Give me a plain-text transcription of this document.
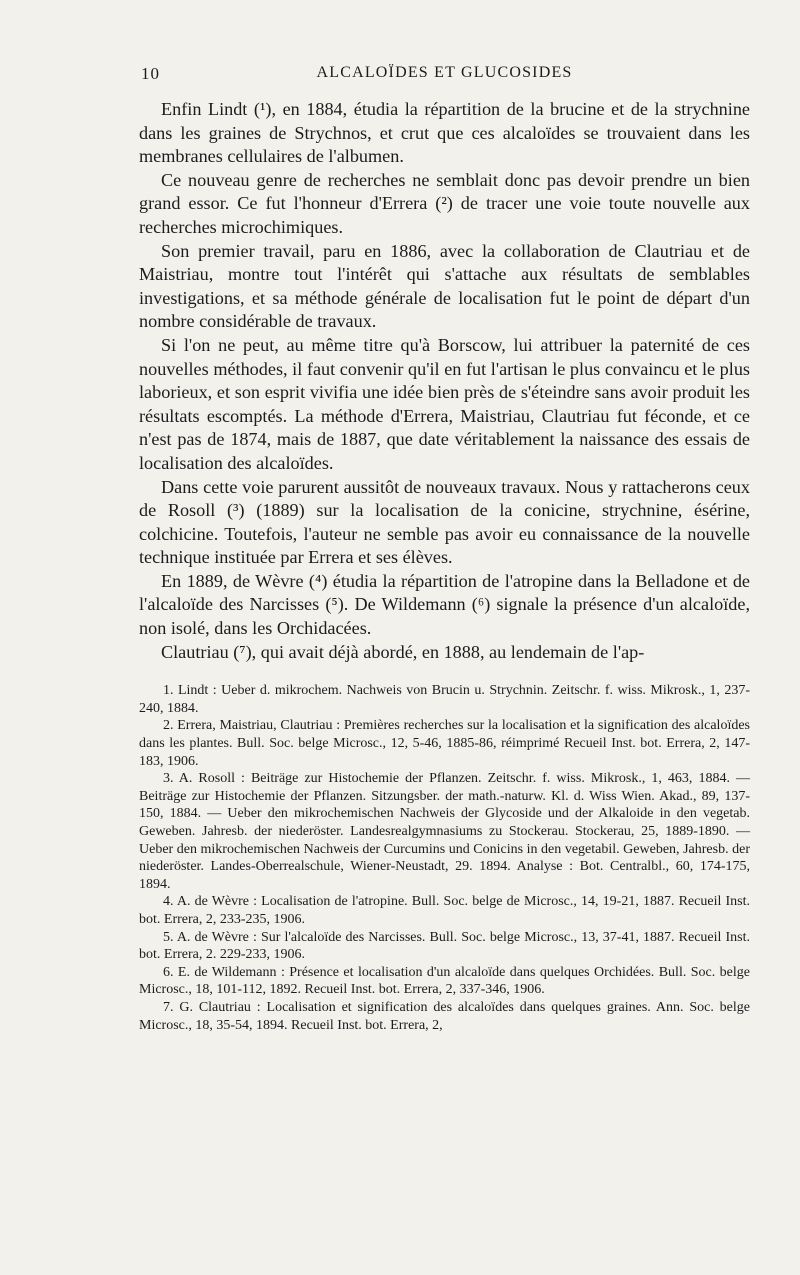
10	ALCALOÏDES ET GLUCOSIDES

Enfin Lindt (¹), en 1884, étudia la répartition de la brucine et de la strychnine dans les graines de Strychnos, et crut que ces alcaloïdes se trouvaient dans les membranes cellulaires de l'albumen.

Ce nouveau genre de recherches ne semblait donc pas devoir prendre un bien grand essor. Ce fut l'honneur d'Errera (²) de tracer une voie toute nouvelle aux recherches microchimiques.

Son premier travail, paru en 1886, avec la collaboration de Clautriau et de Maistriau, montre tout l'intérêt qui s'attache aux résultats de semblables investigations, et sa méthode générale de localisation fut le point de départ d'un nombre considérable de travaux.

Si l'on ne peut, au même titre qu'à Borscow, lui attribuer la paternité de ces nouvelles méthodes, il faut convenir qu'il en fut l'artisan le plus convaincu et le plus laborieux, et son esprit vivifia une idée bien près de s'éteindre sans avoir produit les résultats escomptés. La méthode d'Errera, Maistriau, Clautriau fut féconde, et ce n'est pas de 1874, mais de 1887, que date véritablement la naissance des essais de localisation des alcaloïdes.

Dans cette voie parurent aussitôt de nouveaux travaux. Nous y rattacherons ceux de Rosoll (³) (1889) sur la localisation de la conicine, strychnine, ésérine, colchicine. Toutefois, l'auteur ne semble pas avoir eu connaissance de la nouvelle technique instituée par Errera et ses élèves.

En 1889, de Wèvre (⁴) étudia la répartition de l'atropine dans la Belladone et de l'alcaloïde des Narcisses (⁵). De Wildemann (⁶) signale la présence d'un alcaloïde, non isolé, dans les Orchidacées.

Clautriau (⁷), qui avait déjà abordé, en 1888, au lendemain de l'ap-

1. Lindt : Ueber d. mikrochem. Nachweis von Brucin u. Strychnin. Zeitschr. f. wiss. Mikrosk., 1, 237-240, 1884.

2. Errera, Maistriau, Clautriau : Premières recherches sur la localisation et la signification des alcaloïdes dans les plantes. Bull. Soc. belge Microsc., 12, 5-46, 1885-86, réimprimé Recueil Inst. bot. Errera, 2, 147-183, 1906.

3. A. Rosoll : Beiträge zur Histochemie der Pflanzen. Zeitschr. f. wiss. Mikrosk., 1, 463, 1884. — Beiträge zur Histochemie der Pflanzen. Sitzungsber. der math.-naturw. Kl. d. Wiss Wien. Akad., 89, 137-150, 1884. — Ueber den mikrochemischen Nachweis der Glycoside und der Alkaloide in den vegetab. Geweben. Jahresb. der niederöster. Landesrealgymnasiums zu Stockerau. Stockerau, 25, 1889-1890. — Ueber den mikrochemischen Nachweis der Curcumins und Conicins in den vegetabil. Geweben, Jahresb. der niederöster. Landes-Oberrealschule, Wiener-Neustadt, 29. 1894. Analyse : Bot. Centralbl., 60, 174-175, 1894.

4. A. de Wèvre : Localisation de l'atropine. Bull. Soc. belge de Microsc., 14, 19-21, 1887. Recueil Inst. bot. Errera, 2, 233-235, 1906.

5. A. de Wèvre : Sur l'alcaloïde des Narcisses. Bull. Soc. belge Microsc., 13, 37-41, 1887. Recueil Inst. bot. Errera, 2. 229-233, 1906.

6. E. de Wildemann : Présence et localisation d'un alcaloïde dans quelques Orchidées. Bull. Soc. belge Microsc., 18, 101-112, 1892. Recueil Inst. bot. Errera, 2, 337-346, 1906.

7. G. Clautriau : Localisation et signification des alcaloïdes dans quelques graines. Ann. Soc. belge Microsc., 18, 35-54, 1894. Recueil Inst. bot. Errera, 2,
